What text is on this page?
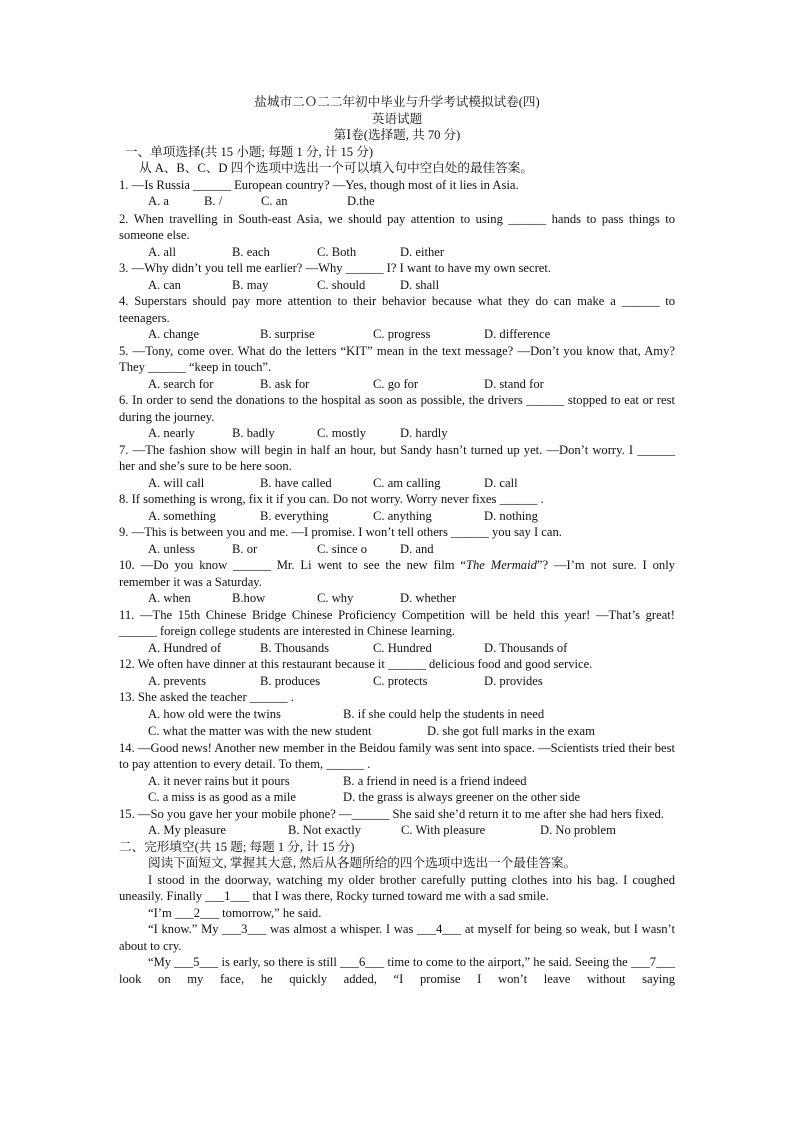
盐城市二Ｏ二二年初中毕业与升学考试模拟试卷(四)
英语试题
第Ⅰ卷(选择题, 共 70 分)
一、单项选择(共 15 小题; 每题 1 分, 计 15 分)
从 A、B、C、D 四个选项中选出一个可以填入句中空白处的最佳答案。
1. —Is Russia ______ European country? —Yes, though most of it lies in Asia.
A. a	B. /	C. an	D.the
2. When travelling in South-east Asia, we should pay attention to using ______ hands to pass things to someone else.
A. all	B. each	C. Both	D. either
3. —Why didn’t you tell me earlier? —Why ______ I? I want to have my own secret.
A. can	B. may	C. should	D. shall
4. Superstars should pay more attention to their behavior because what they do can make a ______ to teenagers.
A. change	B. surprise	C. progress	D. difference
5. —Tony, come over. What do the letters “KIT” mean in the text message? —Don’t you know that, Amy? They ______ “keep in touch”.
A. search for	B. ask for	C. go for	D. stand for
6. In order to send the donations to the hospital as soon as possible, the drivers ______ stopped to eat or rest during the journey.
A. nearly	B. badly	C. mostly	D. hardly
7. —The fashion show will begin in half an hour, but Sandy hasn’t turned up yet. —Don’t worry. I ______ her and she’s sure to be here soon.
A. will call	B. have called	C. am calling	D. call
8. If something is wrong, fix it if you can. Do not worry. Worry never fixes ______ .
A. something	B. everything	C. anything	D. nothing
9. —This is between you and me. —I promise. I won’t tell others ______ you say I can.
A. unless	B. or	C. since o	D. and
10. —Do you know ______ Mr. Li went to see the new film “The Mermaid”? —I’m not sure. I only remember it was a Saturday.
A. when	B.how	C. why	D. whether
11. —The 15th Chinese Bridge Chinese Proficiency Competition will be held this year! —That’s great! ______ foreign college students are interested in Chinese learning.
A. Hundred of	B. Thousands	C. Hundred	D. Thousands of
12. We often have dinner at this restaurant because it ______ delicious food and good service.
A. prevents	B. produces	C. protects	D. provides
13. She asked the teacher ______ .
A. how old were the twins	B. if she could help the students in need
C. what the matter was with the new student	D. she got full marks in the exam
14. —Good news! Another new member in the Beidou family was sent into space. —Scientists tried their best to pay attention to every detail. To them, ______ .
A. it never rains but it pours	B. a friend in need is a friend indeed
C. a miss is as good as a mile	D. the grass is always greener on the other side
15. —So you gave her your mobile phone? —______ She said she’d return it to me after she had hers fixed.
A. My pleasure	B. Not exactly	C. With pleasure	D. No problem
二、完形填空(共 15 题; 每题 1 分, 计 15 分)
阅读下面短文, 掌握其大意, 然后从各题所给的四个选项中选出一个最佳答案。
I stood in the doorway, watching my older brother carefully putting clothes into his bag. I coughed uneasily. Finally ___1___ that I was there, Rocky turned toward me with a sad smile.
“I’m ___2___ tomorrow,” he said.
“I know.” My ___3___ was almost a whisper. I was ___4___ at myself for being so weak, but I wasn’t about to cry.
“My ___5___ is early, so there is still ___6___ time to come to the airport,” he said. Seeing the ___7___ look on my face, he quickly added, “I promise I won’t leave without saying
